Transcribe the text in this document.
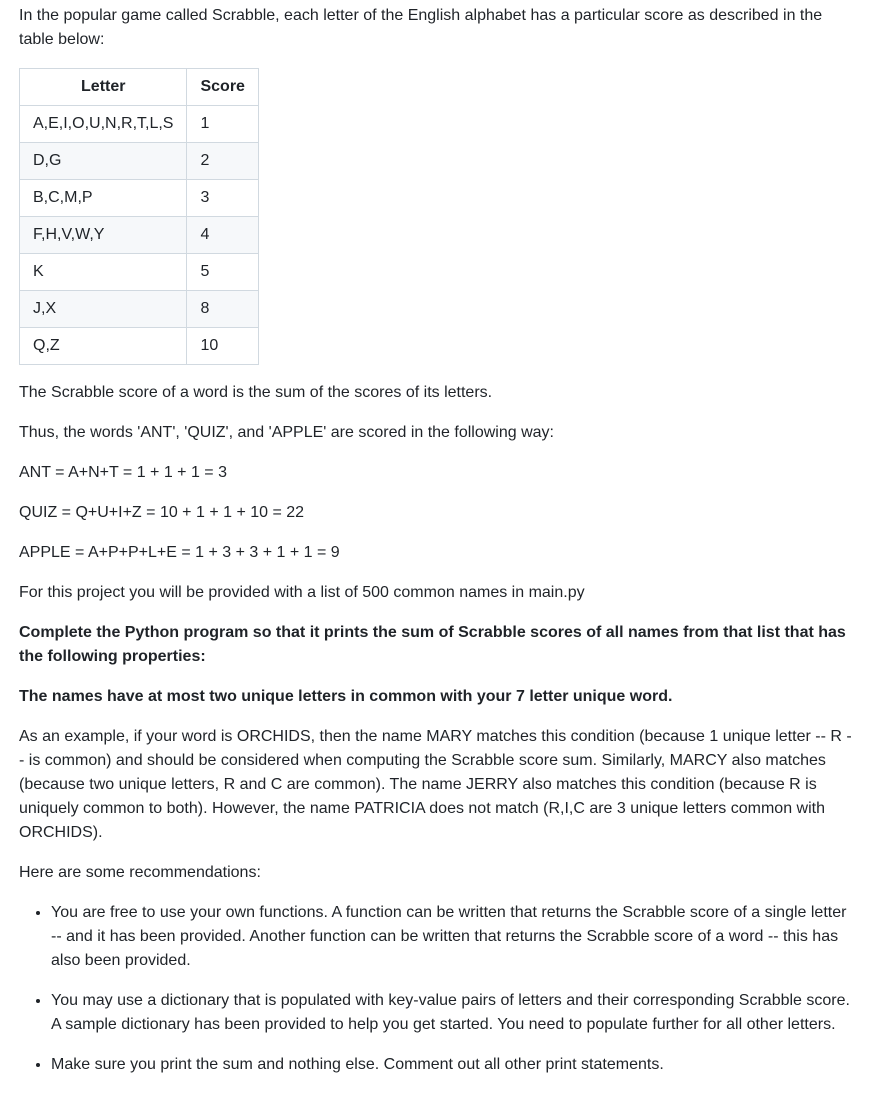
In the popular game called Scrabble, each letter of the English alphabet has a particular score as described in the table below:

Letter	Score
A,E,I,O,U,N,R,T,L,S	1
D,G	2
B,C,M,P	3
F,H,V,W,Y	4
K	5
J,X	8
Q,Z	10

The Scrabble score of a word is the sum of the scores of its letters.

Thus, the words 'ANT', 'QUIZ', and 'APPLE' are scored in the following way:

ANT = A+N+T = 1 + 1 + 1 = 3

QUIZ = Q+U+I+Z = 10 + 1 + 1 + 10 = 22

APPLE = A+P+P+L+E = 1 + 3 + 3 + 1 + 1 = 9

For this project you will be provided with a list of 500 common names in main.py

Complete the Python program so that it prints the sum of Scrabble scores of all names from that list that has the following properties:

The names have at most two unique letters in common with your 7 letter unique word.

As an example, if your word is ORCHIDS, then the name MARY matches this condition (because 1 unique letter -- R -- is common) and should be considered when computing the Scrabble score sum. Similarly, MARCY also matches (because two unique letters, R and C are common). The name JERRY also matches this condition (because R is uniquely common to both). However, the name PATRICIA does not match (R,I,C are 3 unique letters common with ORCHIDS).

Here are some recommendations:

• You are free to use your own functions. A function can be written that returns the Scrabble score of a single letter -- and it has been provided. Another function can be written that returns the Scrabble score of a word -- this has also been provided.
• You may use a dictionary that is populated with key-value pairs of letters and their corresponding Scrabble score. A sample dictionary has been provided to help you get started. You need to populate further for all other letters.
• Make sure you print the sum and nothing else. Comment out all other print statements.
